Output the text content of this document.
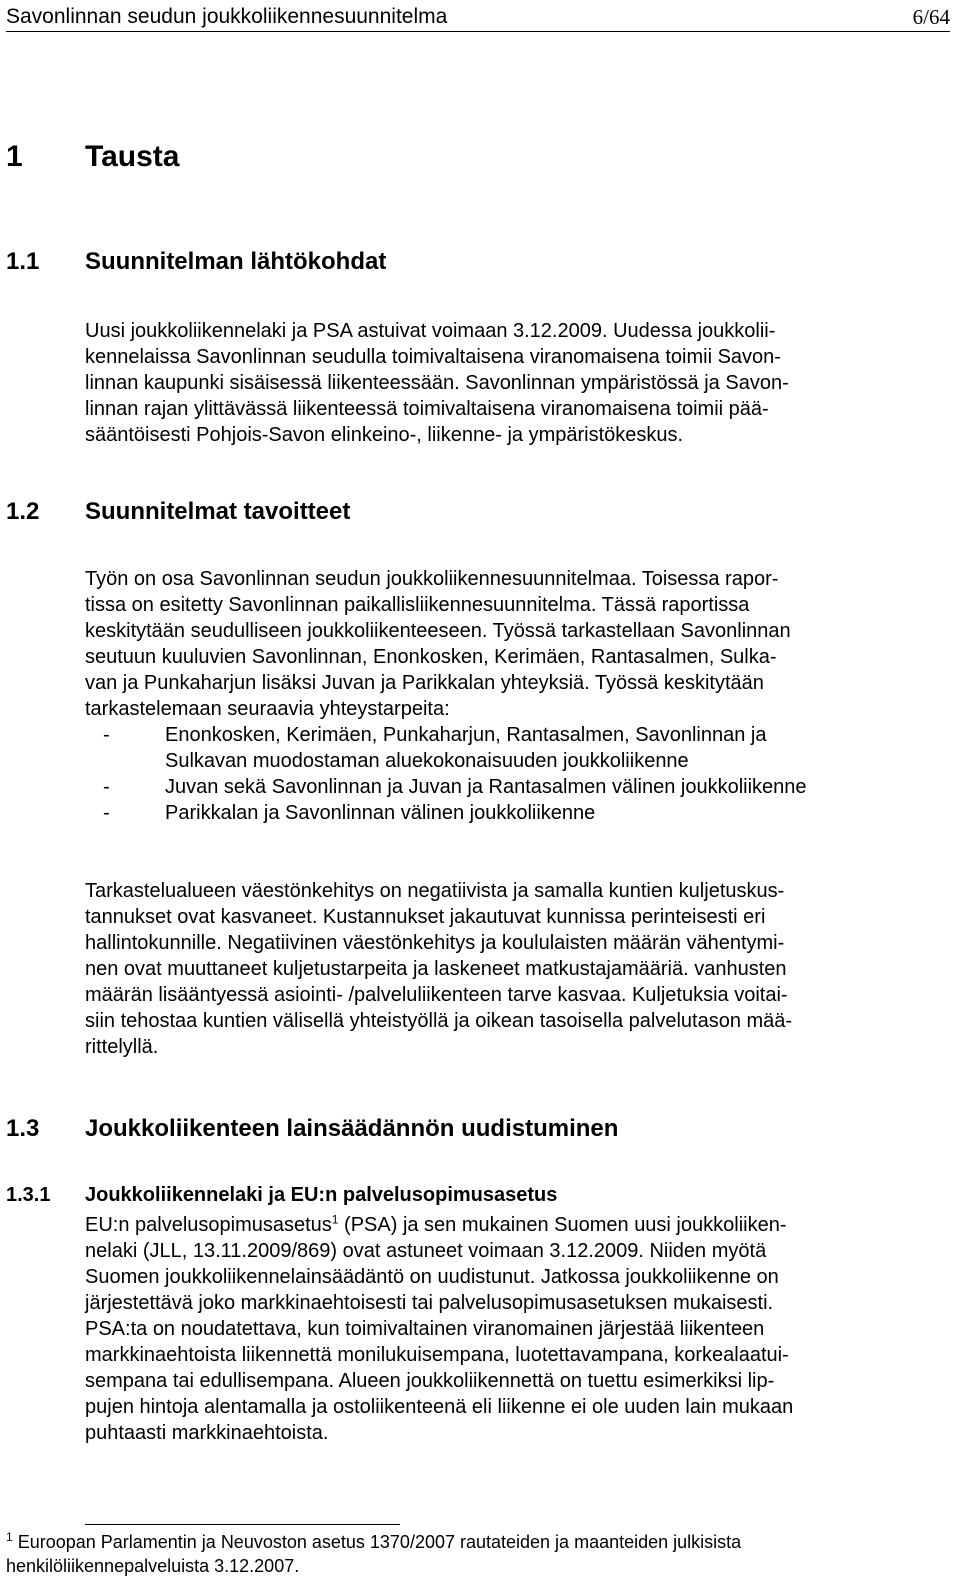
Savonlinnan seudun joukkoliikennesuunnitelma	6/64
1 Tausta
1.1 Suunnitelman lähtökohdat
Uusi joukkoliikennelaki ja PSA astuivat voimaan 3.12.2009. Uudessa joukkolii-
kennelaissa Savonlinnan seudulla toimivaltaisena viranomaisena toimii Savon-
linnan kaupunki sisäisessä liikenteessään. Savonlinnan ympäristössä ja Savon-
linnan rajan ylittävässä liikenteessä toimivaltaisena viranomaisena toimii pää-
sääntöisesti Pohjois-Savon elinkeino-, liikenne- ja ympäristökeskus.
1.2 Suunnitelmat tavoitteet
Työn on osa Savonlinnan seudun joukkoliikennesuunnitelmaa. Toisessa rapor-
tissa on esitetty Savonlinnan paikallisliikennesuunnitelma. Tässä raportissa
keskitytään seudulliseen joukkoliikenteeseen. Työssä tarkastellaan Savonlinnan
seutuun kuuluvien Savonlinnan, Enonkosken, Kerimäen, Rantasalmen, Sulka-
van ja Punkaharjun lisäksi Juvan ja Parikkalan yhteyksiä. Työssä keskitytään
tarkastelemaan seuraavia yhteystarpeita:
-	Enonkosken, Kerimäen, Punkaharjun, Rantasalmen, Savonlinnan ja
Sulkavan muodostaman aluekokonaisuuden joukkoliikenne
-	Juvan sekä Savonlinnan ja Juvan ja Rantasalmen välinen joukkoliikenne
-	Parikkalan ja Savonlinnan välinen joukkoliikenne
Tarkastelualueen väestönkehitys on negatiivista ja samalla kuntien kuljetuskus-
tannukset ovat kasvaneet. Kustannukset jakautuvat kunnissa perinteisesti eri
hallintokunnille. Negatiivinen väestönkehitys ja koululaisten määrän vähentymi-
nen ovat muuttaneet kuljetustarpeita ja laskeneet matkustajamääriä. vanhusten
määrän lisääntyessä asiointi- /palveluliikenteen tarve kasvaa. Kuljetuksia voitai-
siin tehostaa kuntien välisellä yhteistyöllä ja oikean tasoisella palvelutason mää-
rittelyllä.
1.3 Joukkoliikenteen lainsäädännön uudistuminen
1.3.1 Joukkoliikennelaki ja EU:n palvelusopimusasetus
EU:n palvelusopimusasetus$^1$ (PSA) ja sen mukainen Suomen uusi joukkoliiken-
nelaki (JLL, 13.11.2009/869) ovat astuneet voimaan 3.12.2009. Niiden myötä
Suomen joukkoliikennelainsäädäntö on uudistunut. Jatkossa joukkoliikenne on
järjestettävä joko markkinaehtoisesti tai palvelusopimusasetuksen mukaisesti.
PSA:ta on noudatettava, kun toimivaltainen viranomainen järjestää liikenteen
markkinaehtoista liikennettä monilukuisempana, luotettavampana, korkealaatui-
sempana tai edullisempana. Alueen joukkoliikennettä on tuettu esimerkiksi lip-
pujen hintoja alentamalla ja ostoliikenteenä eli liikenne ei ole uuden lain mukaan
puhtaasti markkinaehtoista.
$^1$ Euroopan Parlamentin ja Neuvoston asetus 1370/2007 rautateiden ja maanteiden julkisista
henkilöliikennepalveluista 3.12.2007.
